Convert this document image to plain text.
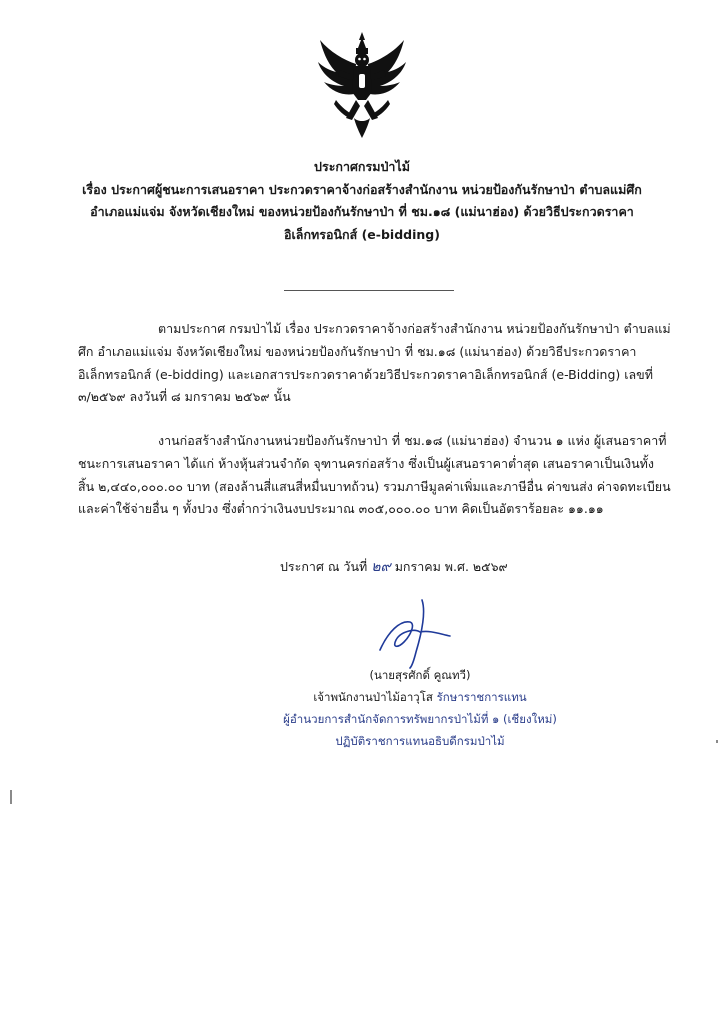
ประกาศกรมป่าไม้
เรื่อง ประกาศผู้ชนะการเสนอราคา ประกวดราคาจ้างก่อสร้างสำนักงาน หน่วยป้องกันรักษาป่า ตำบลแม่ศึก
อำเภอแม่แจ่ม จังหวัดเชียงใหม่ ของหน่วยป้องกันรักษาป่า ที่ ชม.๑๘ (แม่นาฮ่อง) ด้วยวิธีประกวดราคา
อิเล็กทรอนิกส์ (e-bidding)
ตามประกาศ กรมป่าไม้ เรื่อง ประกวดราคาจ้างก่อสร้างสำนักงาน หน่วยป้องกันรักษาป่า ตำบลแม่
ศึก อำเภอแม่แจ่ม จังหวัดเชียงใหม่ ของหน่วยป้องกันรักษาป่า ที่ ชม.๑๘ (แม่นาฮ่อง) ด้วยวิธีประกวดราคา
อิเล็กทรอนิกส์ (e-bidding) และเอกสารประกวดราคาด้วยวิธีประกวดราคาอิเล็กทรอนิกส์ (e-Bidding) เลขที่
๓/๒๕๖๙ ลงวันที่ ๘ มกราคม ๒๕๖๙ นั้น
งานก่อสร้างสำนักงานหน่วยป้องกันรักษาป่า ที่ ชม.๑๘ (แม่นาฮ่อง) จำนวน ๑ แห่ง ผู้เสนอราคาที่
ชนะการเสนอราคา ได้แก่ ห้างหุ้นส่วนจำกัด จุฑานครก่อสร้าง ซึ่งเป็นผู้เสนอราคาต่ำสุด เสนอราคาเป็นเงินทั้ง
สิ้น ๒,๔๔๐,๐๐๐.๐๐ บาท (สองล้านสี่แสนสี่หมื่นบาทถ้วน) รวมภาษีมูลค่าเพิ่มและภาษีอื่น ค่าขนส่ง ค่าจดทะเบียน
และค่าใช้จ่ายอื่น ๆ ทั้งปวง ซึ่งต่ำกว่าเงินงบประมาณ ๓๐๕,๐๐๐.๐๐ บาท คิดเป็นอัตราร้อยละ ๑๑.๑๑
ประกาศ ณ วันที่ ๒๙ มกราคม พ.ศ. ๒๕๖๙
(นายสุรศักดิ์ คูณทวี)
เจ้าพนักงานป่าไม้อาวุโส รักษาราชการแทน
ผู้อำนวยการสำนักจัดการทรัพยากรป่าไม้ที่ ๑ (เชียงใหม่)
ปฏิบัติราชการแทนอธิบดีกรมป่าไม้
